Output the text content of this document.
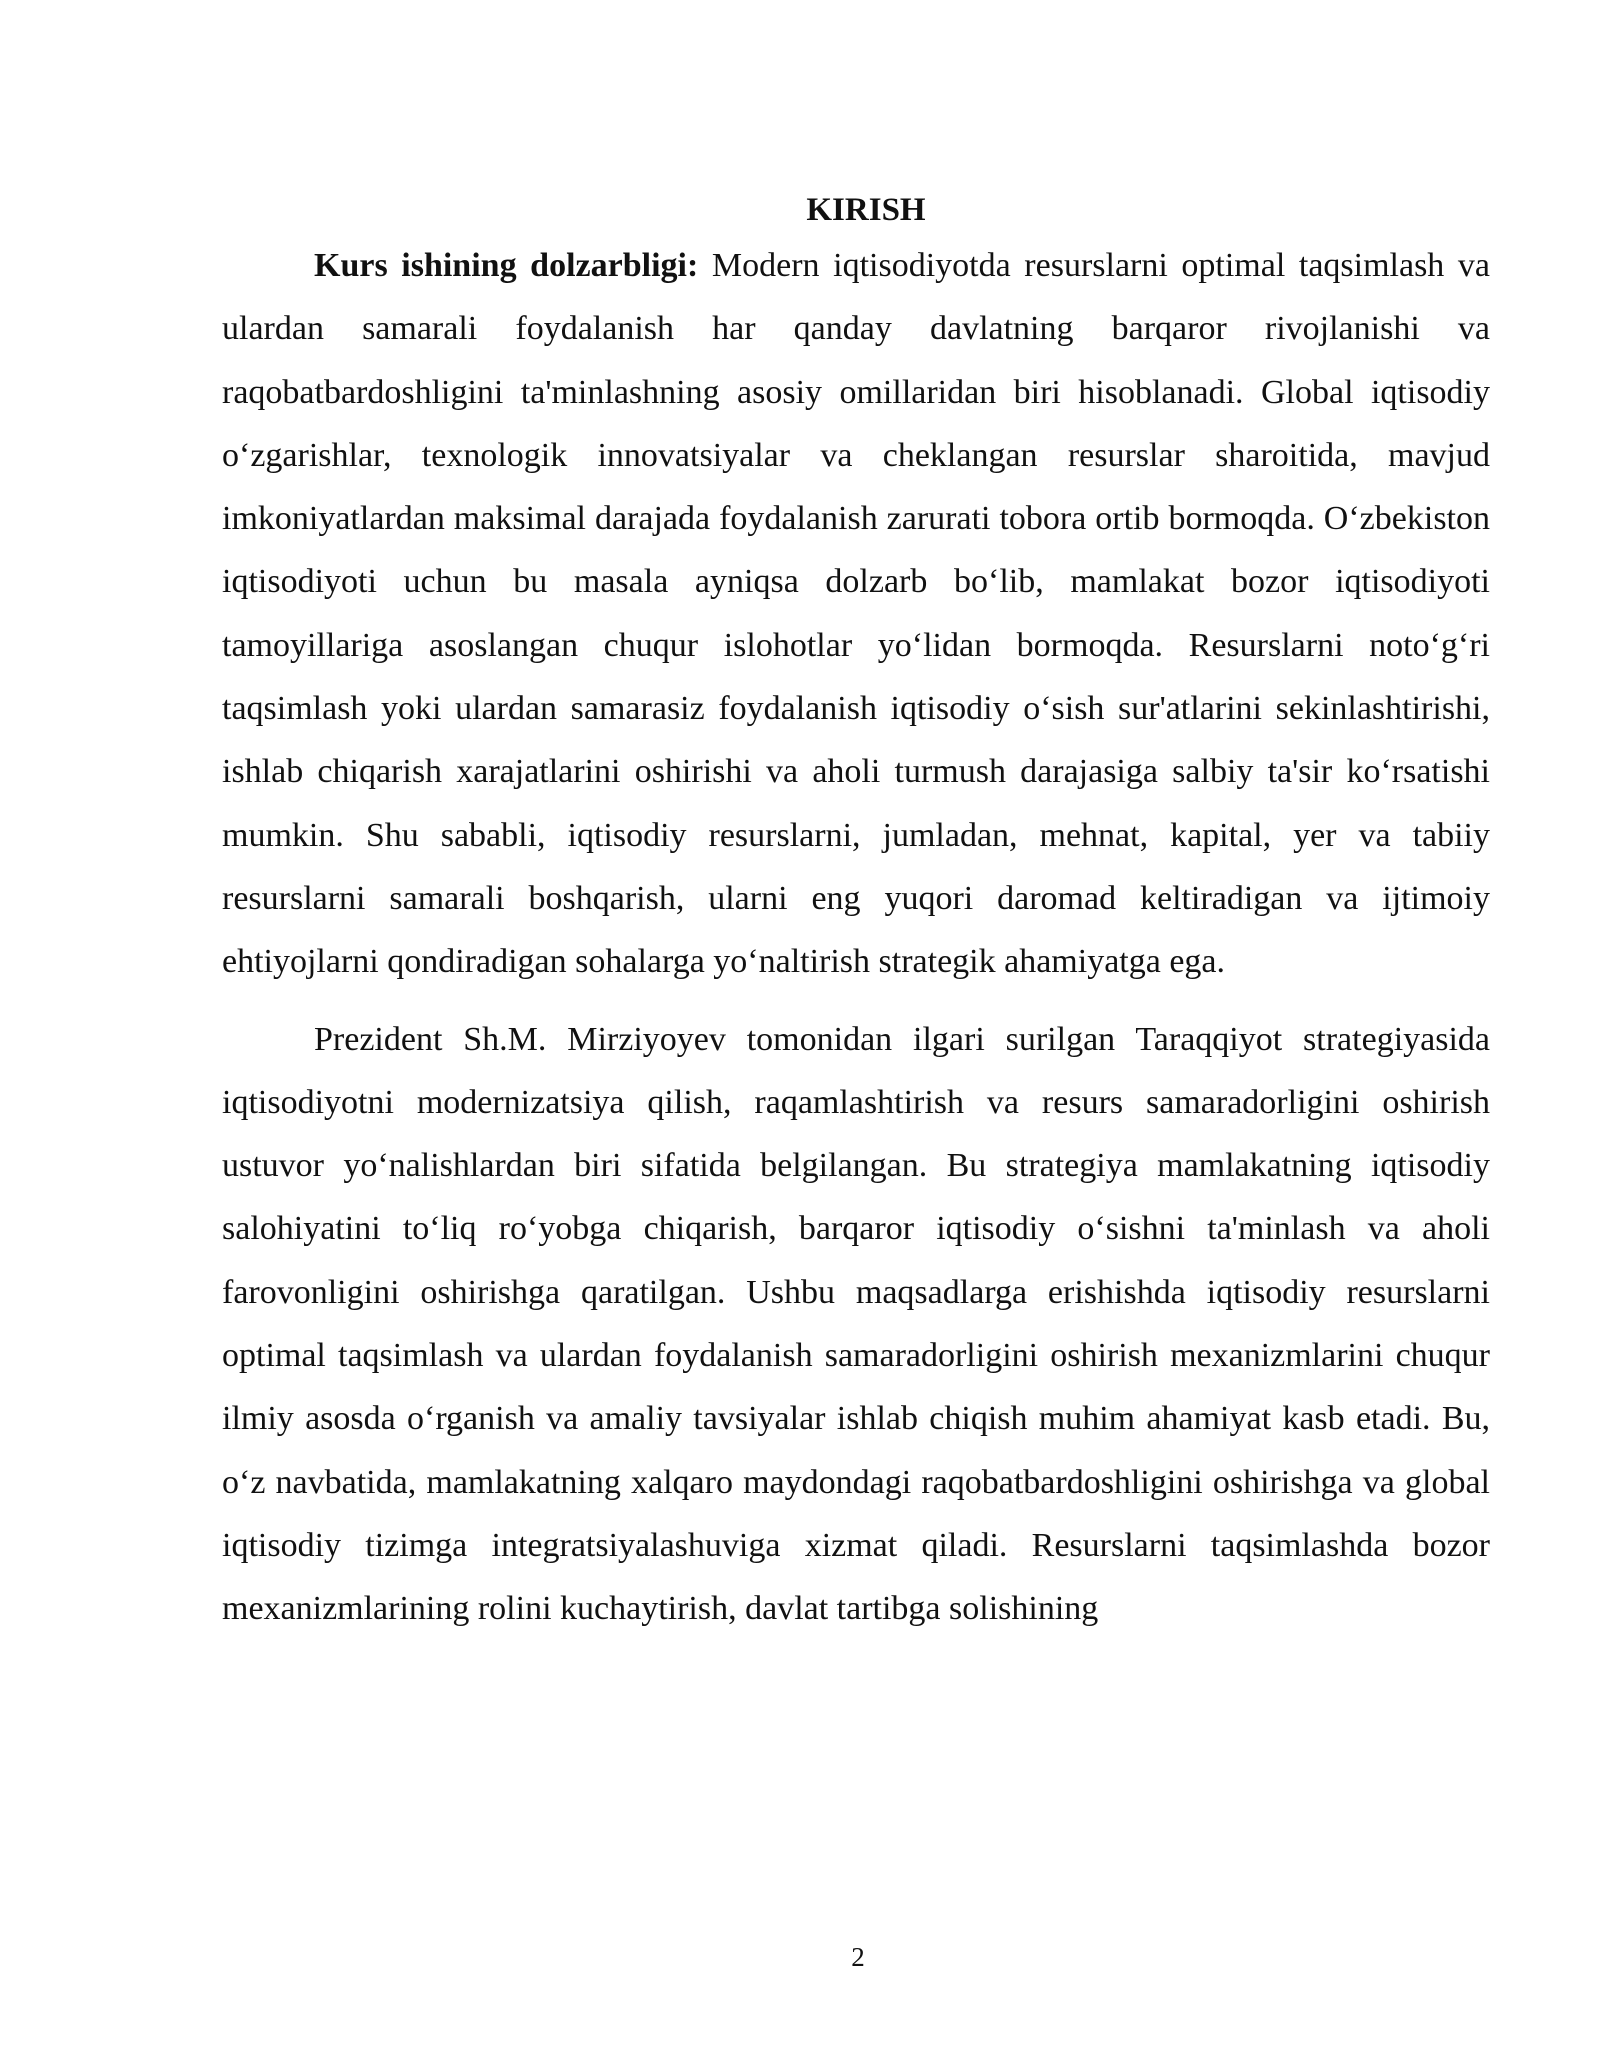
KIRISH

Kurs ishining dolzarbligi: Modern iqtisodiyotda resurslarni optimal taqsimlash va ulardan samarali foydalanish har qanday davlatning barqaror rivojlanishi va raqobatbardoshligini ta'minlashning asosiy omillaridan biri hisoblanadi. Global iqtisodiy o‘zgarishlar, texnologik innovatsiyalar va cheklangan resurslar sharoitida, mavjud imkoniyatlardan maksimal darajada foydalanish zarurati tobora ortib bormoqda. O‘zbekiston iqtisodiyoti uchun bu masala ayniqsa dolzarb bo‘lib, mamlakat bozor iqtisodiyoti tamoyillariga asoslangan chuqur islohotlar yo‘lidan bormoqda. Resurslarni noto‘g‘ri taqsimlash yoki ulardan samarasiz foydalanish iqtisodiy o‘sish sur'atlarini sekinlashtirishi, ishlab chiqarish xarajatlarini oshirishi va aholi turmush darajasiga salbiy ta'sir ko‘rsatishi mumkin. Shu sababli, iqtisodiy resurslarni, jumladan, mehnat, kapital, yer va tabiiy resurslarni samarali boshqarish, ularni eng yuqori daromad keltiradigan va ijtimoiy ehtiyojlarni qondiradigan sohalarga yo‘naltirish strategik ahamiyatga ega.

Prezident Sh.M. Mirziyoyev tomonidan ilgari surilgan Taraqqiyot strategiyasida iqtisodiyotni modernizatsiya qilish, raqamlashtirish va resurs samaradorligini oshirish ustuvor yo‘nalishlardan biri sifatida belgilangan. Bu strategiya mamlakatning iqtisodiy salohiyatini to‘liq ro‘yobga chiqarish, barqaror iqtisodiy o‘sishni ta'minlash va aholi farovonligini oshirishga qaratilgan. Ushbu maqsadlarga erishishda iqtisodiy resurslarni optimal taqsimlash va ulardan foydalanish samaradorligini oshirish mexanizmlarini chuqur ilmiy asosda o‘rganish va amaliy tavsiyalar ishlab chiqish muhim ahamiyat kasb etadi. Bu, o‘z navbatida, mamlakatning xalqaro maydondagi raqobatbardoshligini oshirishga va global iqtisodiy tizimga integratsiyalashuviga xizmat qiladi. Resurslarni taqsimlashda bozor mexanizmlarining rolini kuchaytirish, davlat tartibga solishining

2
